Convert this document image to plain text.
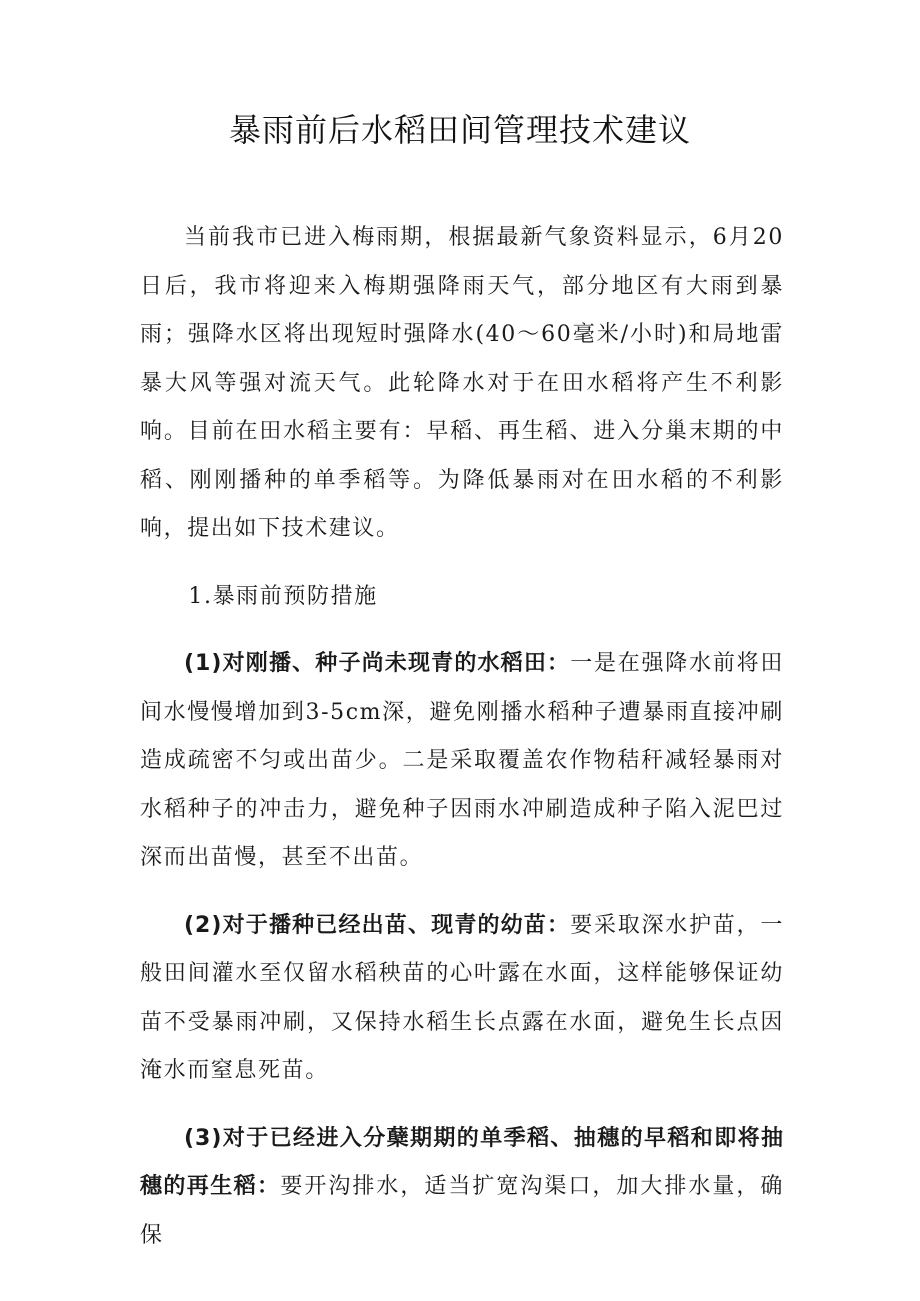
暴雨前后水稻田间管理技术建议

当前我市已进入梅雨期，根据最新气象资料显示，6月20日后，我市将迎来入梅期强降雨天气，部分地区有大雨到暴雨；强降水区将出现短时强降水(40～60毫米/小时)和局地雷暴大风等强对流天气。此轮降水对于在田水稻将产生不利影响。目前在田水稻主要有：早稻、再生稻、进入分巢末期的中稻、刚刚播种的单季稻等。为降低暴雨对在田水稻的不利影响，提出如下技术建议。

1.暴雨前预防措施

(1)对刚播、种子尚未现青的水稻田：一是在强降水前将田间水慢慢增加到3-5cm深，避免刚播水稻种子遭暴雨直接冲刷造成疏密不匀或出苗少。二是采取覆盖农作物秸秆减轻暴雨对水稻种子的冲击力，避免种子因雨水冲刷造成种子陷入泥巴过深而出苗慢，甚至不出苗。

(2)对于播种已经出苗、现青的幼苗：要采取深水护苗，一般田间灌水至仅留水稻秧苗的心叶露在水面，这样能够保证幼苗不受暴雨冲刷，又保持水稻生长点露在水面，避免生长点因淹水而窒息死苗。

(3)对于已经进入分蘖期期的单季稻、抽穗的早稻和即将抽穗的再生稻：要开沟排水，适当扩宽沟渠口，加大排水量，确保
